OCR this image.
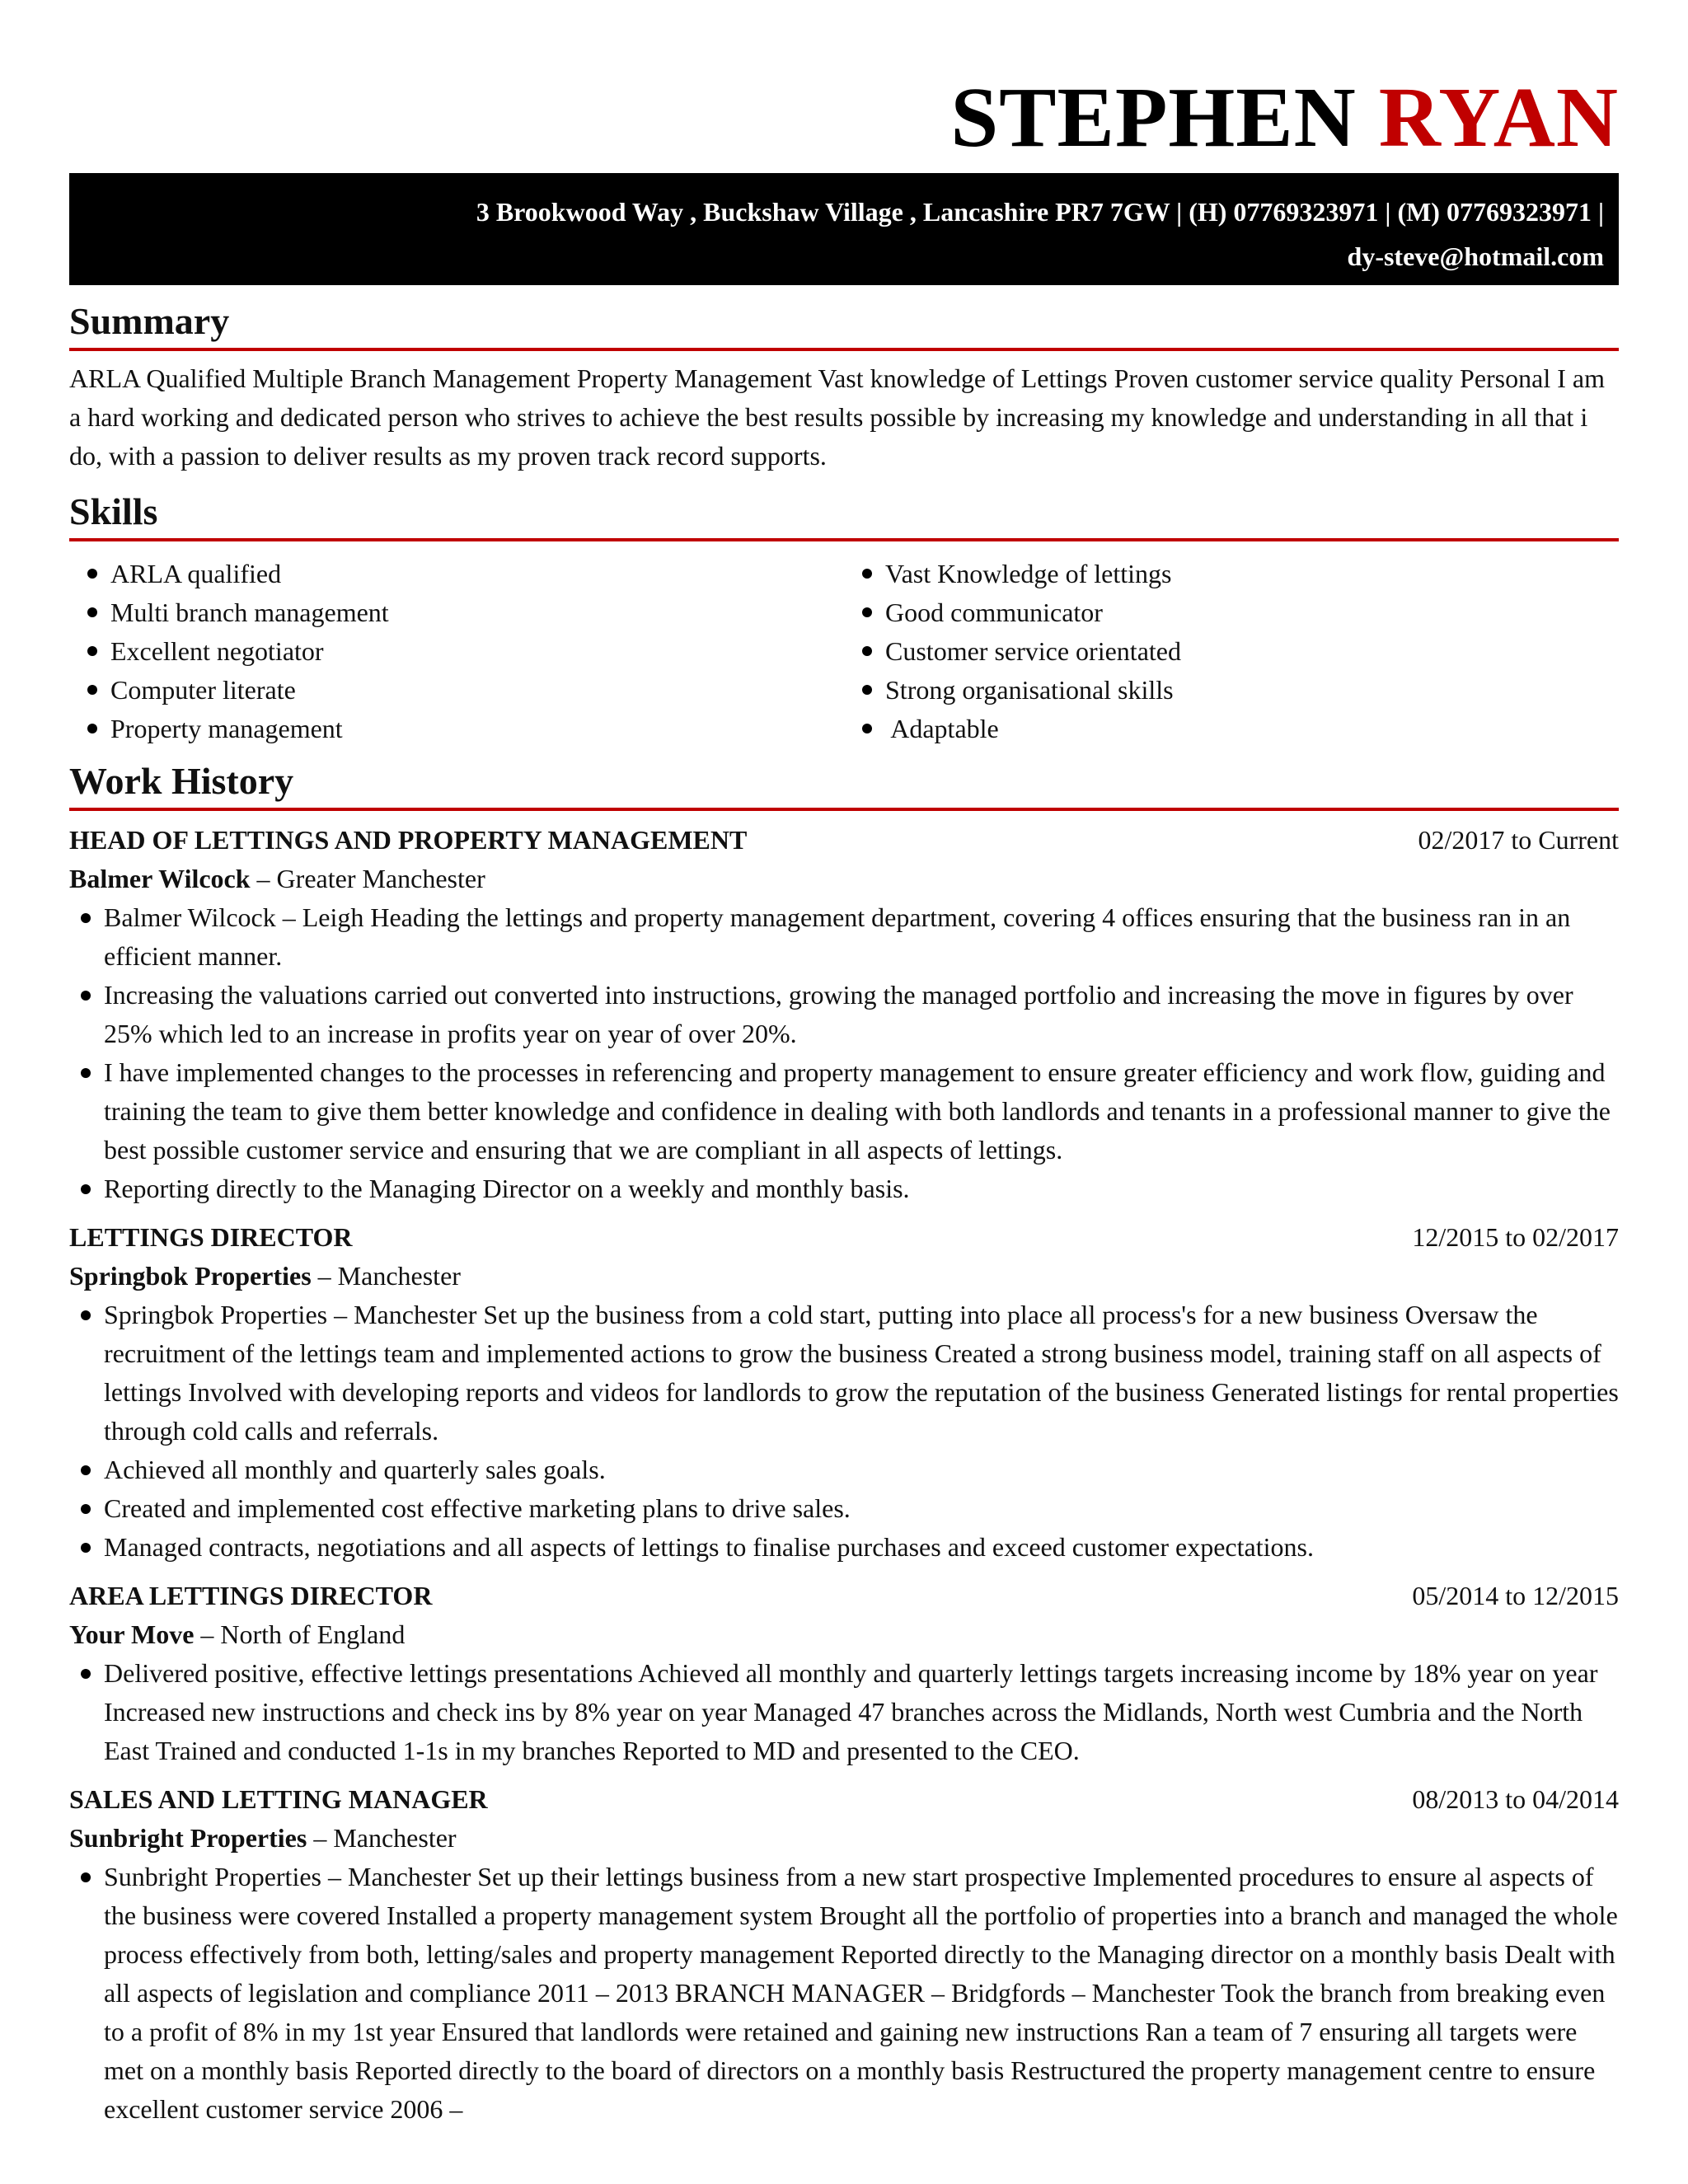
STEPHEN RYAN
3 Brookwood Way , Buckshaw Village , Lancashire PR7 7GW | (H) 07769323971 | (M) 07769323971 |
dy-steve@hotmail.com
Summary
ARLA Qualified Multiple Branch Management Property Management Vast knowledge of Lettings Proven customer service quality Personal I am a hard working and dedicated person who strives to achieve the best results possible by increasing my knowledge and understanding in all that i do, with a passion to deliver results as my proven track record supports.
Skills
ARLA qualified
Multi branch management
Excellent negotiator
Computer literate
Property management
Vast Knowledge of lettings
Good communicator
Customer service orientated
Strong organisational skills
Adaptable
Work History
HEAD OF LETTINGS AND PROPERTY MANAGEMENT	02/2017 to Current
Balmer Wilcock – Greater Manchester
Balmer Wilcock – Leigh Heading the lettings and property management department, covering 4 offices ensuring that the business ran in an efficient manner.
Increasing the valuations carried out converted into instructions, growing the managed portfolio and increasing the move in figures by over 25% which led to an increase in profits year on year of over 20%.
I have implemented changes to the processes in referencing and property management to ensure greater efficiency and work flow, guiding and training the team to give them better knowledge and confidence in dealing with both landlords and tenants in a professional manner to give the best possible customer service and ensuring that we are compliant in all aspects of lettings.
Reporting directly to the Managing Director on a weekly and monthly basis.
LETTINGS DIRECTOR	12/2015 to 02/2017
Springbok Properties – Manchester
Springbok Properties – Manchester Set up the business from a cold start, putting into place all process's for a new business Oversaw the recruitment of the lettings team and implemented actions to grow the business Created a strong business model, training staff on all aspects of lettings Involved with developing reports and videos for landlords to grow the reputation of the business Generated listings for rental properties through cold calls and referrals.
Achieved all monthly and quarterly sales goals.
Created and implemented cost effective marketing plans to drive sales.
Managed contracts, negotiations and all aspects of lettings to finalise purchases and exceed customer expectations.
AREA LETTINGS DIRECTOR	05/2014 to 12/2015
Your Move – North of England
Delivered positive, effective lettings presentations Achieved all monthly and quarterly lettings targets increasing income by 18% year on year Increased new instructions and check ins by 8% year on year Managed 47 branches across the Midlands, North west Cumbria and the North East Trained and conducted 1-1s in my branches Reported to MD and presented to the CEO.
SALES AND LETTING MANAGER	08/2013 to 04/2014
Sunbright Properties – Manchester
Sunbright Properties – Manchester Set up their lettings business from a new start prospective Implemented procedures to ensure al aspects of the business were covered Installed a property management system Brought all the portfolio of properties into a branch and managed the whole process effectively from both, letting/sales and property management Reported directly to the Managing director on a monthly basis Dealt with all aspects of legislation and compliance 2011 – 2013 BRANCH MANAGER – Bridgfords – Manchester Took the branch from breaking even to a profit of 8% in my 1st year Ensured that landlords were retained and gaining new instructions Ran a team of 7 ensuring all targets were met on a monthly basis Reported directly to the board of directors on a monthly basis Restructured the property management centre to ensure excellent customer service 2006 –
